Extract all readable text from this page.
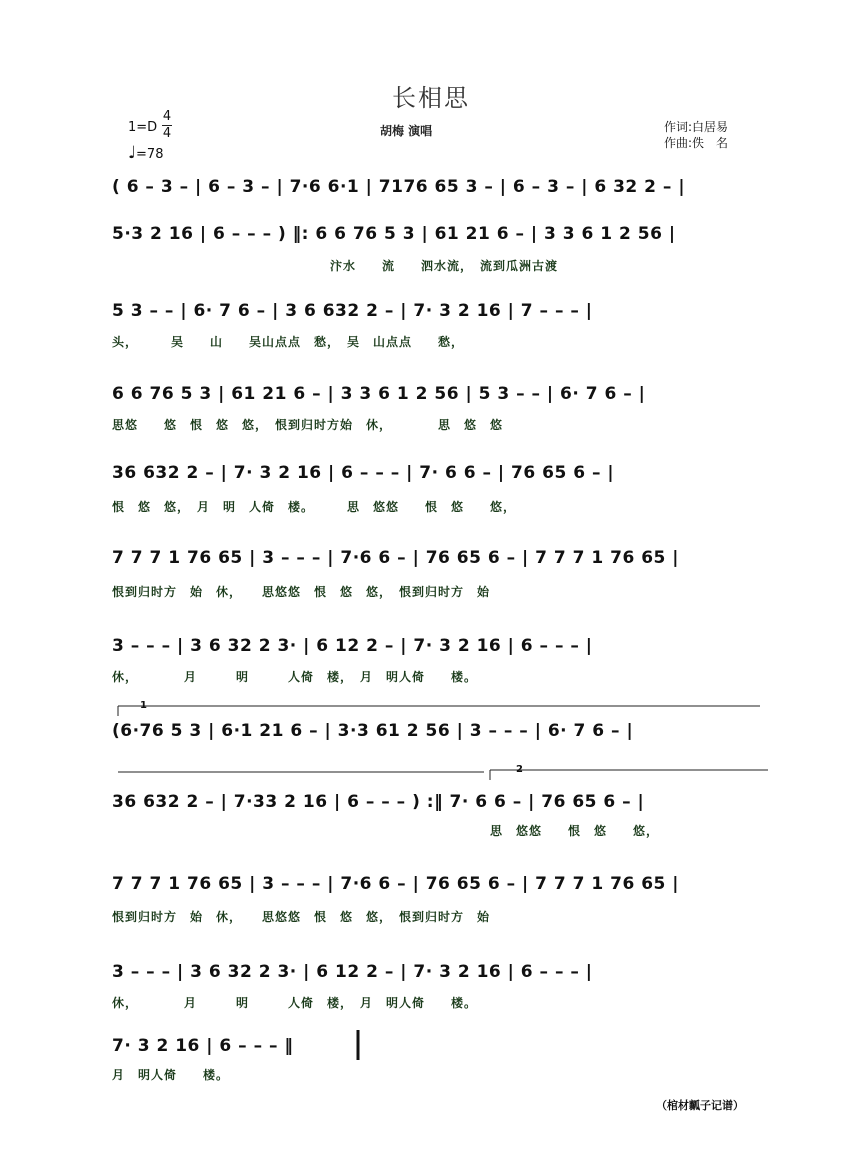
长相思
1=D
4
4
♩=78
胡梅 演唱	作词:白居易
作曲:佚　名
( 6 – 3 – | 6 – 3 – | 7·6 6·1 | 7176 65 3 – | 6 – 3 – | 6 32 2 – |
5·3 2 16 | 6 – – – ) ‖: 6 6 76 5 3 | 61 21 6 – | 3 3 6 1 2 56 |
汴水　　流　　泗水流，　流到瓜洲古渡
5 3 – – | 6· 7 6 – | 3 6 632 2 – | 7· 3 2 16 | 7 – – – |
头，　　　吴　　山　　吴山点点　愁，　吴　山点点　　愁，
6 6 76 5 3 | 61 21 6 – | 3 3 6 1 2 56 | 5 3 – – | 6· 7 6 – |
思悠　　悠　恨　悠　悠，　恨到归时方始　休，　　　　思　悠　悠
36 632 2 – | 7· 3 2 16 | 6 – – – | 7· 6 6 – | 76 65 6 – |
恨　悠　悠，　月　明　人倚　楼。　　　思　悠悠　　恨　悠　　悠，
7 7 7 1 76 65 | 3 – – – | 7·6 6 – | 76 65 6 – | 7 7 7 1 76 65 |
恨到归时方　始　休，　　思悠悠　恨　悠　悠，　恨到归时方　始
3 – – – | 3 6 32 2 3· | 6 12 2 – | 7· 3 2 16 | 6 – – – |
休，　　　　月　　　明　　　人倚　楼，　月　明人倚　　楼。
(6·76 5 3 | 6·1 21 6 – | 3·3 61 2 56 | 3 – – – | 6· 7 6 – |
36 632 2 – | 7·33 2 16 | 6 – – – ) :‖ 7· 6 6 – | 76 65 6 – |
思　悠悠　　恨　悠　　悠，
7 7 7 1 76 65 | 3 – – – | 7·6 6 – | 76 65 6 – | 7 7 7 1 76 65 |
恨到归时方　始　休，　　思悠悠　恨　悠　悠，　恨到归时方　始
3 – – – | 3 6 32 2 3· | 6 12 2 – | 7· 3 2 16 | 6 – – – |
休，　　　　月　　　明　　　人倚　楼，　月　明人倚　　楼。
7· 3 2 16 | 6 – – – ‖
月　明人倚　　楼。
1
2
（棺材瓤子记谱）
